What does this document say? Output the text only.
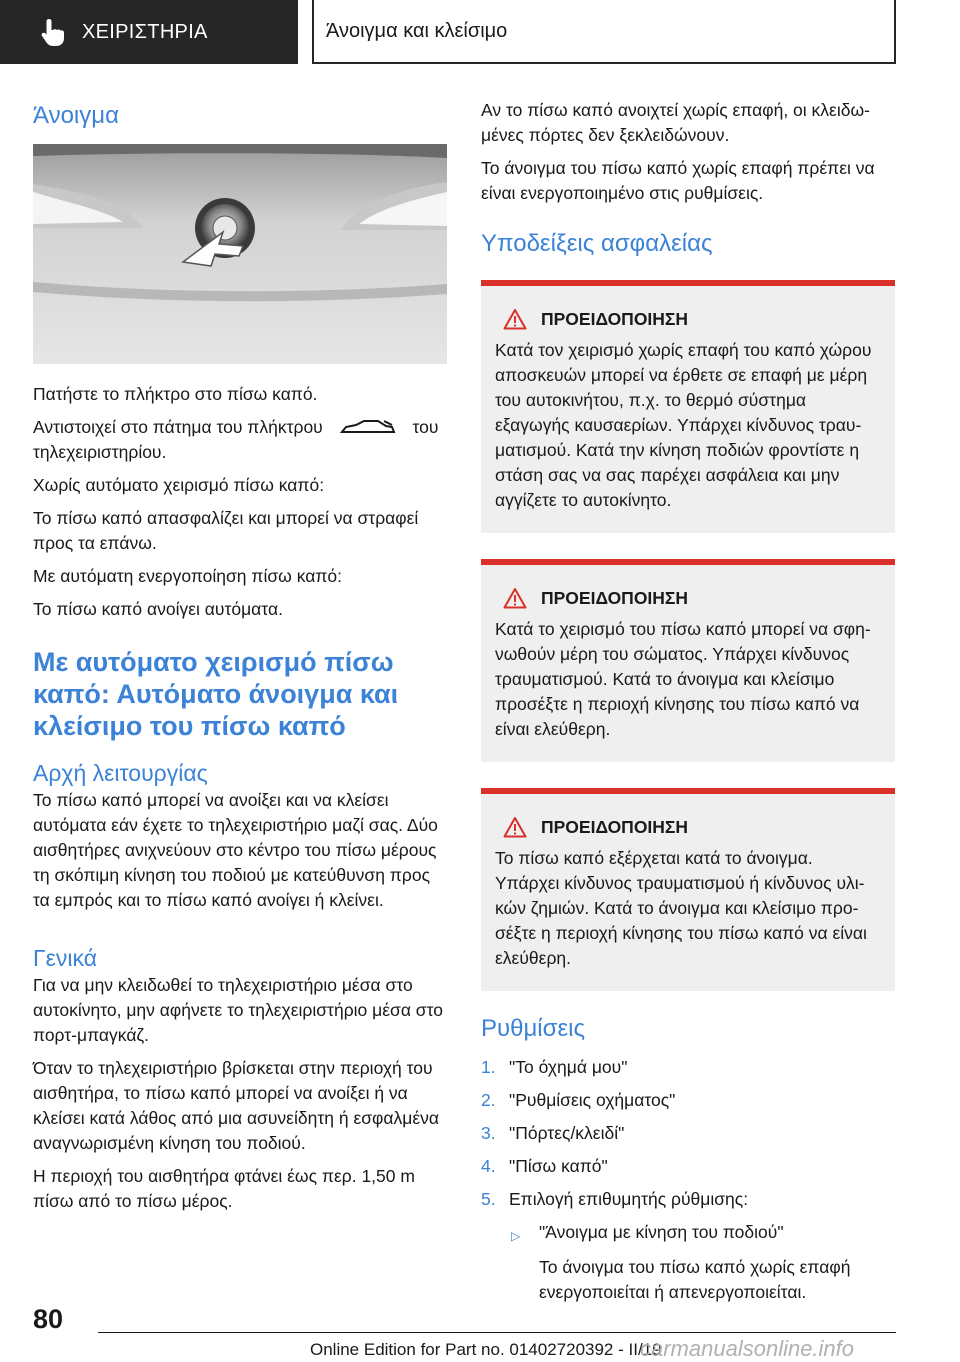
ΧΕΙΡΙΣΤΗΡΙΑ	Άνοιγμα και κλείσιμο
Άνοιγμα

Πατήστε το πλήκτρο στο πίσω καπό.

Αντιστοιχεί στο πάτημα του πλήκτρου	του τηλεχειριστηρίου.

Χωρίς αυτόματο χειρισμό πίσω καπό:

Το πίσω καπό απασφαλίζει και μπορεί να στραφεί προς τα επάνω.

Με αυτόματη ενεργοποίηση πίσω καπό:

Το πίσω καπό ανοίγει αυτόματα.

Με αυτόματο χειρισμό πίσω καπό: Αυτόματο άνοιγμα και κλείσιμο του πίσω καπό
Αρχή λειτουργίας

Το πίσω καπό μπορεί να ανοίξει και να κλείσει αυτόματα εάν έχετε το τηλεχειριστήριο μαζί σας. Δύο αισθητήρες ανιχνεύουν στο κέντρο του πίσω μέρους τη σκόπιμη κίνηση του ποδιού με κατεύθυνση προς τα εμπρός και το πίσω καπό ανοίγει ή κλείνει.

Γενικά

Για να μην κλειδωθεί το τηλεχειριστήριο μέσα στο αυτοκίνητο, μην αφήνετε το τηλεχειριστήριο μέσα στο πορτ-μπαγκάζ.

Όταν το τηλεχειριστήριο βρίσκεται στην περιοχή του αισθητήρα, το πίσω καπό μπορεί να ανοίξει ή να κλείσει κατά λάθος από μια ασυνείδητη ή εσφαλμένα αναγνωρισμένη κίνηση του ποδιού.

Η περιοχή του αισθητήρα φτάνει έως περ. 1,50 m πίσω από το πίσω μέρος.

Αν το πίσω καπό ανοιχτεί χωρίς επαφή, οι κλειδωμένες πόρτες δεν ξεκλειδώνουν.

Το άνοιγμα του πίσω καπό χωρίς επαφή πρέπει να είναι ενεργοποιημένο στις ρυθμίσεις.

Υποδείξεις ασφαλείας
ΠΡΟΕΙΔΟΠΟΙΗΣΗ

Κατά τον χειρισμό χωρίς επαφή του καπό χώρου αποσκευών μπορεί να έρθετε σε επαφή με μέρη του αυτοκινήτου, π.χ. το θερμό σύστημα εξαγωγής καυσαερίων. Υπάρχει κίνδυνος τραυματισμού. Κατά την κίνηση ποδιών φροντίστε η στάση σας να σας παρέχει ασφάλεια και μην αγγίζετε το αυτοκίνητο.

ΠΡΟΕΙΔΟΠΟΙΗΣΗ

Κατά το χειρισμό του πίσω καπό μπορεί να σφηνωθούν μέρη του σώματος. Υπάρχει κίνδυνος τραυματισμού. Κατά το άνοιγμα και κλείσιμο προσέξτε η περιοχή κίνησης του πίσω καπό να είναι ελεύθερη.

ΠΡΟΕΙΔΟΠΟΙΗΣΗ

Το πίσω καπό εξέρχεται κατά το άνοιγμα. Υπάρχει κίνδυνος τραυματισμού ή κίνδυνος υλικών ζημιών. Κατά το άνοιγμα και κλείσιμο προσέξτε η περιοχή κίνησης του πίσω καπό να είναι ελεύθερη.

Ρυθμίσεις
1. "Το όχημά μου"
2. "Ρυθμίσεις οχήματος"
3. "Πόρτες/κλειδί"
4. "Πίσω καπό"
5. Επιλογή επιθυμητής ρύθμισης:
▷	"Άνοιγμα με κίνηση του ποδιού"
Το άνοιγμα του πίσω καπό χωρίς επαφή ενεργοποιείται ή απενεργοποιείται.
80
Online Edition for Part no. 01402720392 - II/19
carmanualsonline.info
